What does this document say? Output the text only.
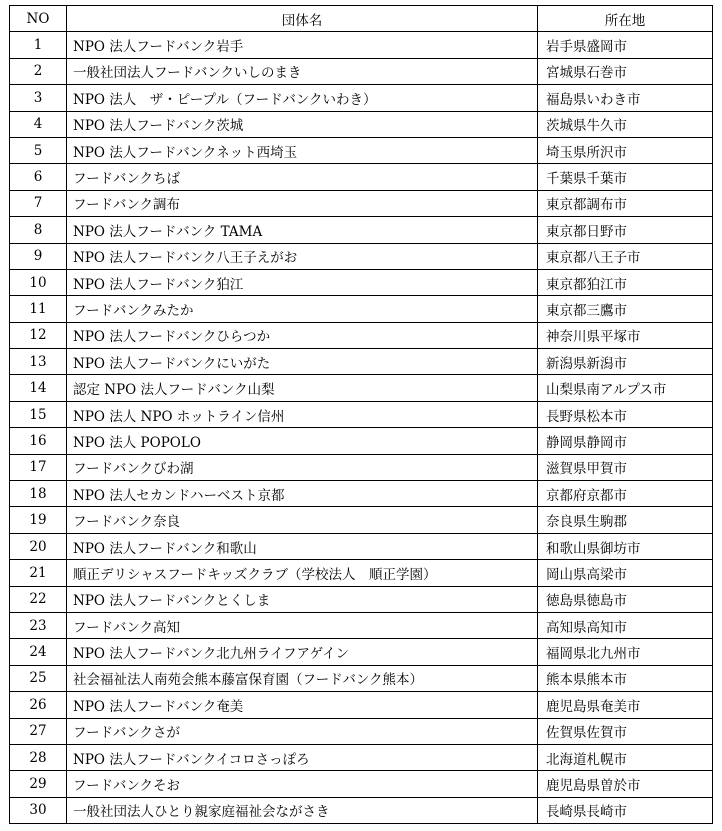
NO	団体名	所在地
1	NPO 法人フードバンク岩手	岩手県盛岡市
2	一般社団法人フードバンクいしのまき	宮城県石巻市
3	NPO 法人　ザ・ピープル（フードバンクいわき）	福島県いわき市
4	NPO 法人フードバンク茨城	茨城県牛久市
5	NPO 法人フードバンクネット西埼玉	埼玉県所沢市
6	フードバンクちば	千葉県千葉市
7	フードバンク調布	東京都調布市
8	NPO 法人フードバンク TAMA	東京都日野市
9	NPO 法人フードバンク八王子えがお	東京都八王子市
10	NPO 法人フードバンク狛江	東京都狛江市
11	フードバンクみたか	東京都三鷹市
12	NPO 法人フードバンクひらつか	神奈川県平塚市
13	NPO 法人フードバンクにいがた	新潟県新潟市
14	認定 NPO 法人フードバンク山梨	山梨県南アルプス市
15	NPO 法人 NPO ホットライン信州	長野県松本市
16	NPO 法人 POPOLO	静岡県静岡市
17	フードバンクびわ湖	滋賀県甲賀市
18	NPO 法人セカンドハーベスト京都	京都府京都市
19	フードバンク奈良	奈良県生駒郡
20	NPO 法人フードバンク和歌山	和歌山県御坊市
21	順正デリシャスフードキッズクラブ（学校法人　順正学園）	岡山県高梁市
22	NPO 法人フードバンクとくしま	徳島県徳島市
23	フードバンク高知	高知県高知市
24	NPO 法人フードバンク北九州ライフアゲイン	福岡県北九州市
25	社会福祉法人南苑会熊本藤富保育園（フードバンク熊本）	熊本県熊本市
26	NPO 法人フードバンク奄美	鹿児島県奄美市
27	フードバンクさが	佐賀県佐賀市
28	NPO 法人フードバンクイコロさっぽろ	北海道札幌市
29	フードバンクそお	鹿児島県曽於市
30	一般社団法人ひとり親家庭福祉会ながさき	長崎県長崎市
